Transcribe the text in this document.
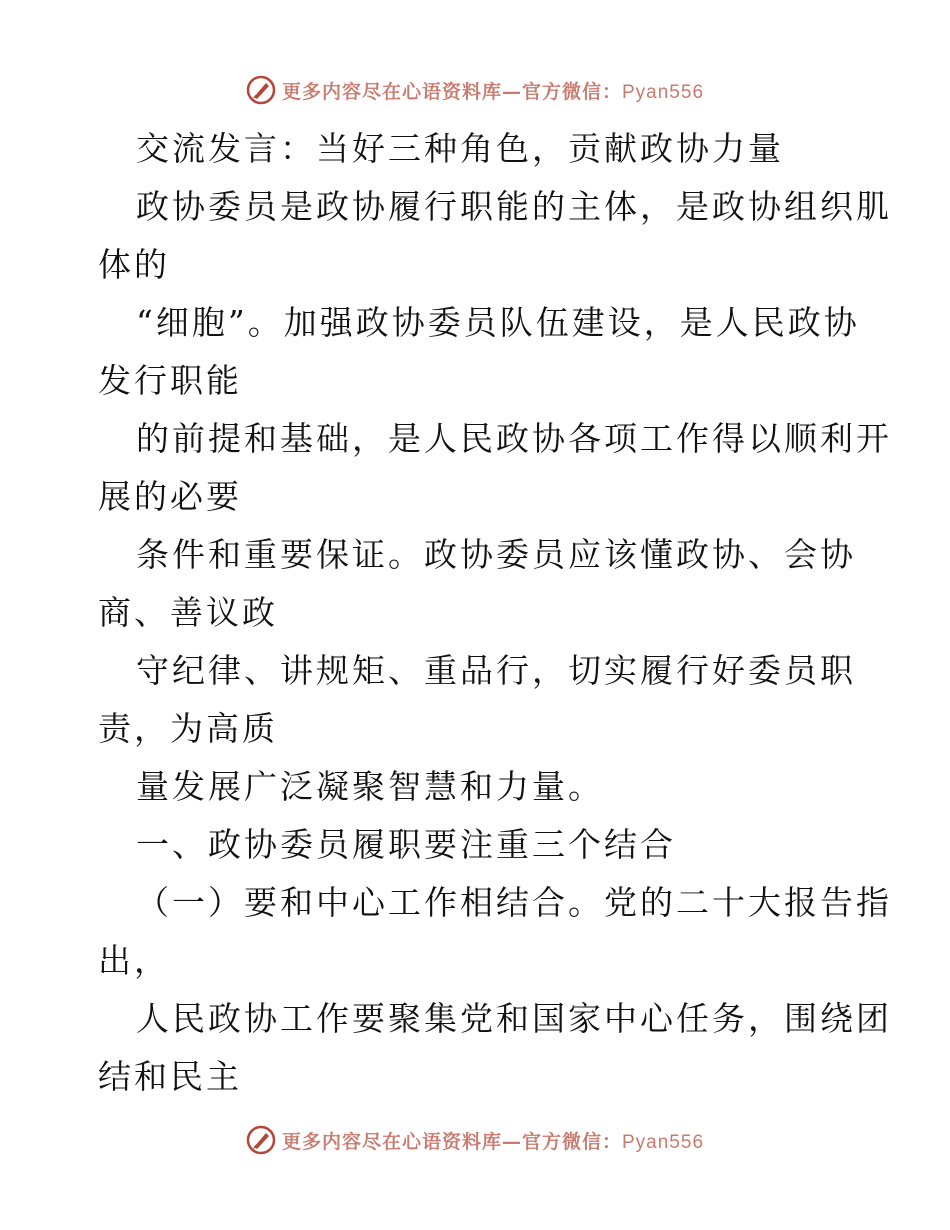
更多内容尽在心语资料库—官方微信：Pyan556
交流发言：当好三种角色，贡献政协力量
政协委员是政协履行职能的主体，是政协组织肌
体的
“细胞”。加强政协委员队伍建设，是人民政协
发行职能
的前提和基础，是人民政协各项工作得以顺利开
展的必要
条件和重要保证。政协委员应该懂政协、会协
商、善议政
守纪律、讲规矩、重品行，切实履行好委员职
责，为高质
量发展广泛凝聚智慧和力量。
一、政协委员履职要注重三个结合
（一）要和中心工作相结合。党的二十大报告指
出，
人民政协工作要聚集党和国家中心任务，围绕团
结和民主
更多内容尽在心语资料库—官方微信：Pyan556
